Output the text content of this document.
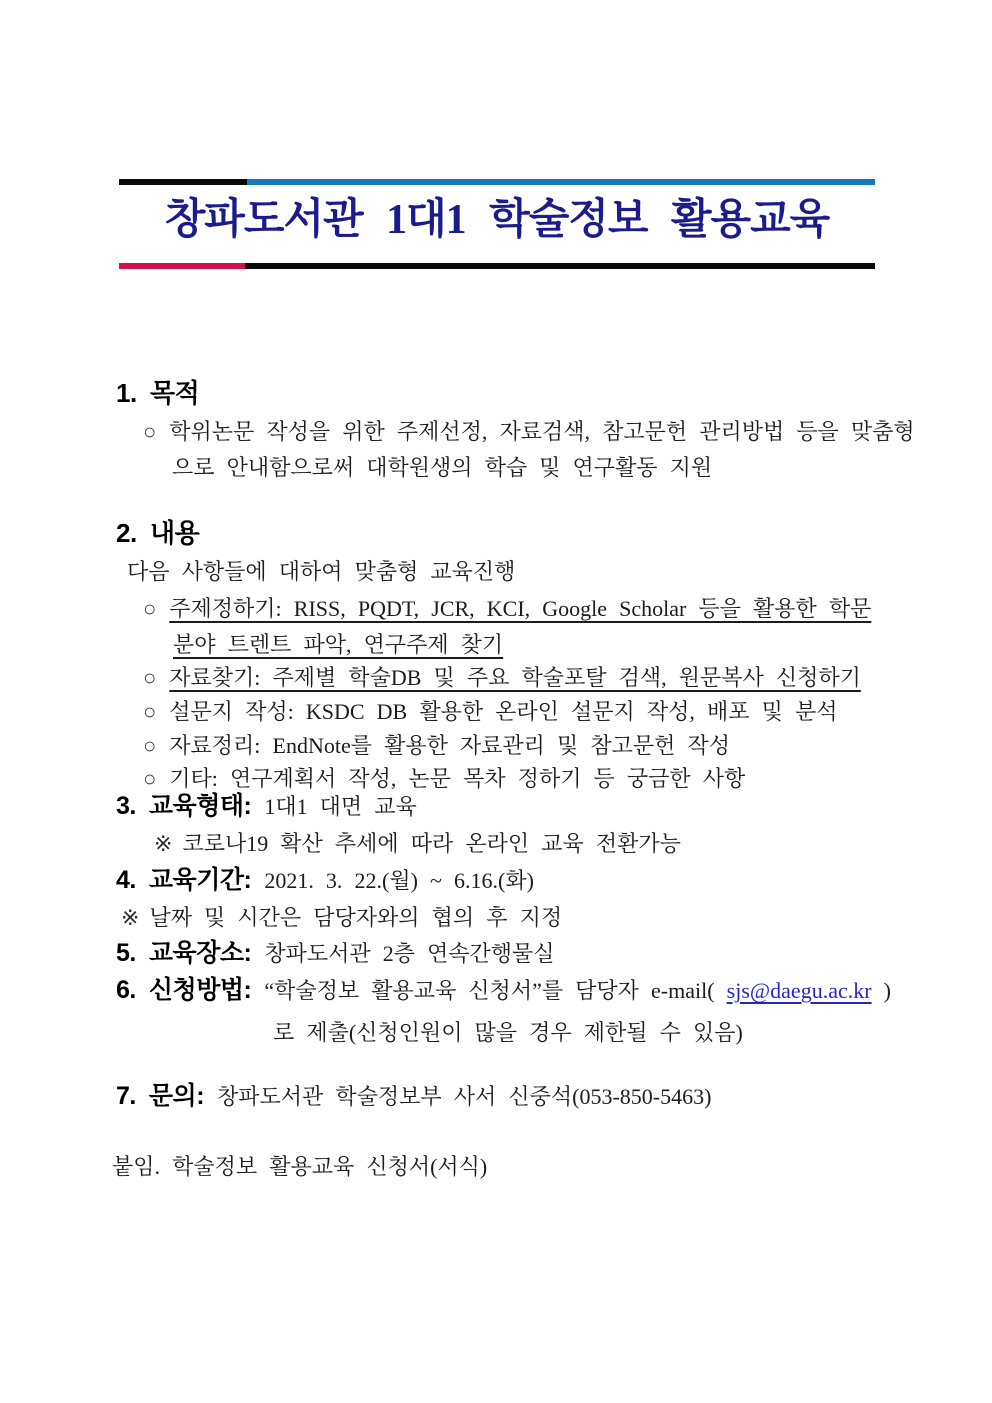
창파도서관 1대1 학술정보 활용교육

1. 목적
○ 학위논문 작성을 위한 주제선정, 자료검색, 참고문헌 관리방법 등을 맞춤형
으로 안내함으로써 대학원생의 학습 및 연구활동 지원
2. 내용
다음 사항들에 대하여 맞춤형 교육진행
○ 주제정하기: RISS, PQDT, JCR, KCI, Google Scholar 등을 활용한 학문
분야 트렌트 파악, 연구주제 찾기
○ 자료찾기: 주제별 학술DB 및 주요 학술포탈 검색, 원문복사 신청하기
○ 설문지 작성: KSDC DB 활용한 온라인 설문지 작성, 배포 및 분석
○ 자료정리: EndNote를 활용한 자료관리 및 참고문헌 작성
○ 기타: 연구계획서 작성, 논문 목차 정하기 등 궁금한 사항
3. 교육형태: 1대1 대면 교육
※ 코로나19 확산 추세에 따라 온라인 교육 전환가능
4. 교육기간: 2021. 3. 22.(월) ~ 6.16.(화)
※ 날짜 및 시간은 담당자와의 협의 후 지정
5. 교육장소: 창파도서관 2층 연속간행물실
6. 신청방법: “학술정보 활용교육 신청서”를 담당자 e-mail( sjs@daegu.ac.kr )
로 제출(신청인원이 많을 경우 제한될 수 있음)
7. 문의: 창파도서관 학술정보부 사서 신중석(053-850-5463)
붙임. 학술정보 활용교육 신청서(서식)
